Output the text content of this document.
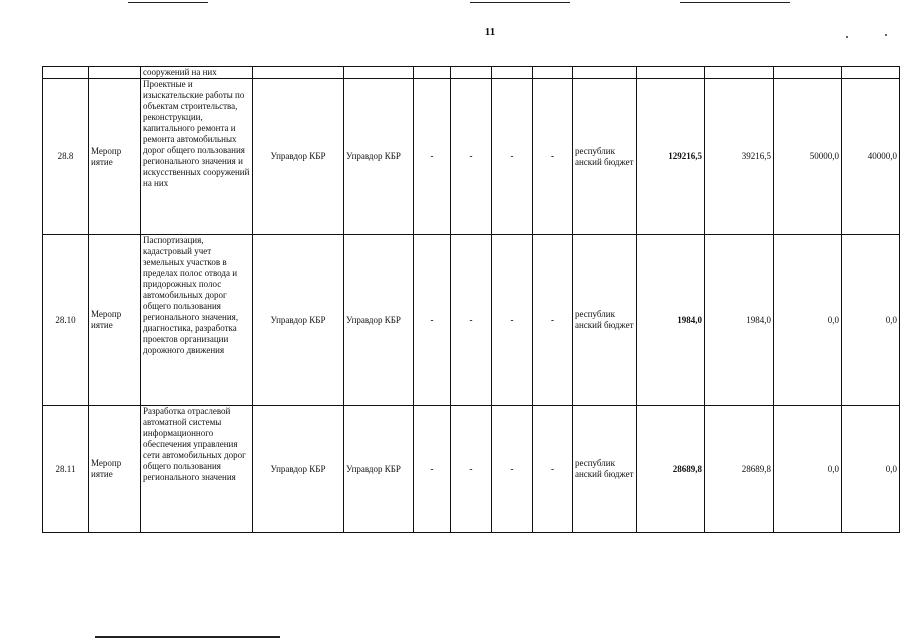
11
		сооружений на них											
28.8	Меропр иятие	Проектные и изыскательские работы по объектам строительства, реконструкции, капитального ремонта и ремонта автомобильных дорог общего пользования регионального значения и искусственных сооружений на них	Управдор КБР	Управдор КБР	-	-	-	-	республик анский бюджет	129216,5	39216,5	50000,0	40000,0
28.10	Меропр иятие	Паспортизация, кадастровый учет земельных участков в пределах полос отвода и придорожных полос автомобильных дорог общего пользования регионального значения, диагностика, разработка проектов организации дорожного движения	Управдор КБР	Управдор КБР	-	-	-	-	республик анский бюджет	1984,0	1984,0	0,0	0,0
28.11	Меропр иятие	Разработка отраслевой автоматной системы информационного обеспечения управления сети автомобильных дорог общего пользования регионального значения	Управдор КБР	Управдор КБР	-	-	-	-	республик анский бюджет	28689,8	28689,8	0,0	0,0
